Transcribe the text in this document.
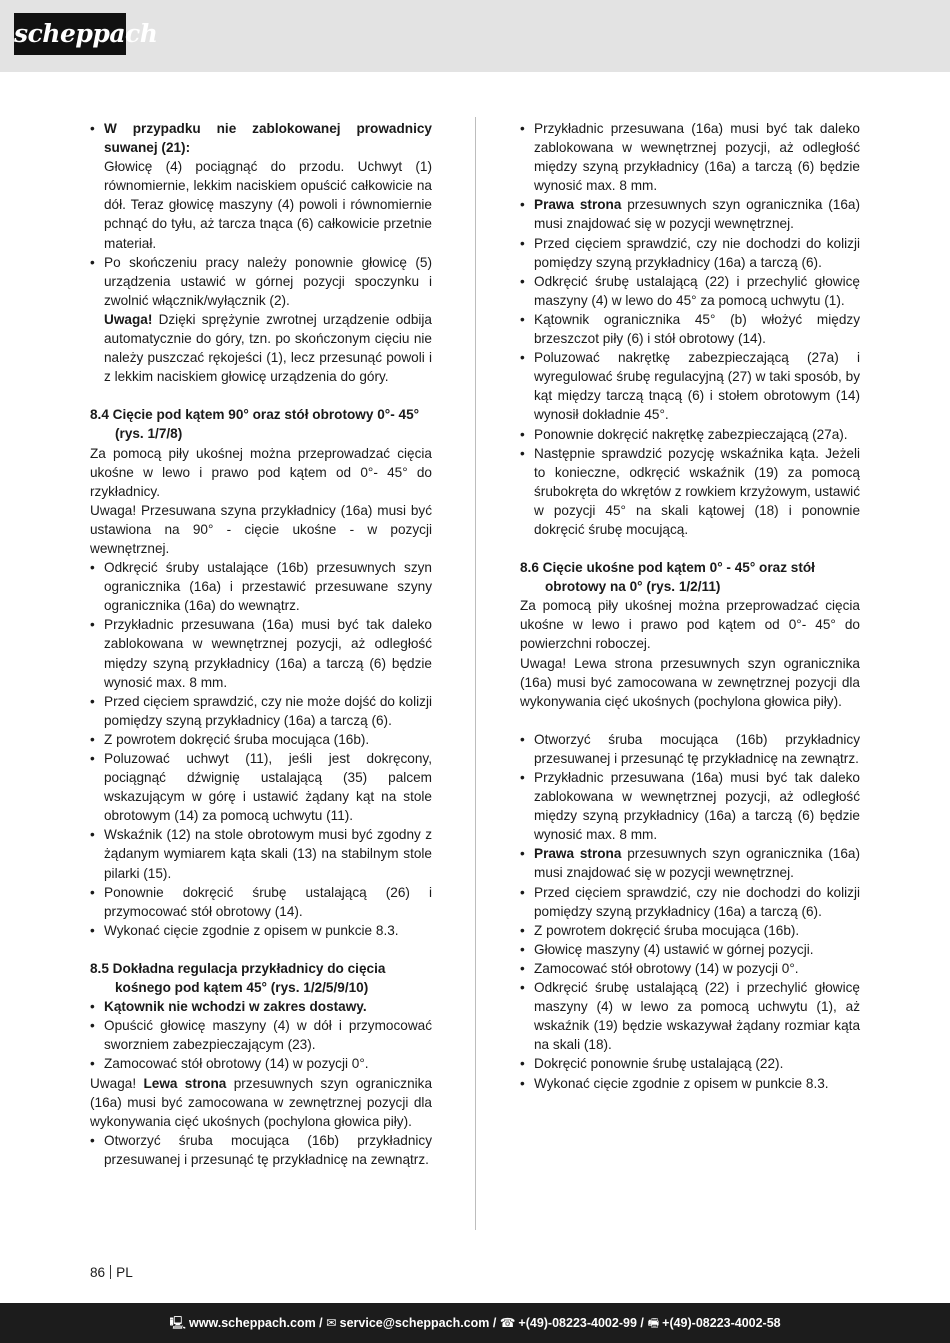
scheppach
• W przypadku nie zablokowanej prowadnicy suwanej (21):

Głowicę (4) pociągnąć do przodu. Uchwyt (1) równomiernie, lekkim naciskiem opuścić całkowicie na dół. Teraz głowicę maszyny (4) powoli i równomiernie pchnąć do tyłu, aż tarcza tnąca (6) całkowicie przetnie materiał.

• Po skończeniu pracy należy ponownie głowicę (5) urządzenia ustawić w górnej pozycji spoczynku i zwolnić włącznik/wyłącznik (2).

Uwaga! Dzięki sprężynie zwrotnej urządzenie odbija automatycznie do góry, tzn. po skończonym cięciu nie należy puszczać rękojeści (1), lecz przesunąć powoli i z lekkim naciskiem głowicę urządzenia do góry.

8.4 Cięcie pod kątem 90° oraz stół obrotowy 0°- 45° (rys. 1/7/8)

Za pomocą piły ukośnej można przeprowadzać cięcia ukośne w lewo i prawo pod kątem od 0°- 45° do rzykładnicy.

Uwaga! Przesuwana szyna przykładnicy (16a) musi być ustawiona na 90° - cięcie ukośne - w pozycji wewnętrznej.

• Odkręcić śruby ustalające (16b) przesuwnych szyn ogranicznika (16a) i przestawić przesuwane szyny ogranicznika (16a) do wewnątrz.
• Przykładnic przesuwana (16a) musi być tak daleko zablokowana w wewnętrznej pozycji, aż odległość między szyną przykładnicy (16a) a tarczą (6) będzie wynosić max. 8 mm.
• Przed cięciem sprawdzić, czy nie może dojść do kolizji pomiędzy szyną przykładnicy (16a) a tarczą (6).
• Z powrotem dokręcić śruba mocująca (16b).
• Poluzować uchwyt (11), jeśli jest dokręcony, pociągnąć dźwignię ustalającą (35) palcem wskazującym w górę i ustawić żądany kąt na stole obrotowym (14) za pomocą uchwytu (11).
• Wskaźnik (12) na stole obrotowym musi być zgodny z żądanym wymiarem kąta skali (13) na stabilnym stole pilarki (15).
• Ponownie dokręcić śrubę ustalającą (26) i przymocować stół obrotowy (14).
• Wykonać cięcie zgodnie z opisem w punkcie 8.3.

8.5 Dokładna regulacja przykładnicy do cięcia kośnego pod kątem 45° (rys. 1/2/5/9/10)

• Kątownik nie wchodzi w zakres dostawy.
• Opuścić głowicę maszyny (4) w dół i przymocować sworzniem zabezpieczającym (23).
• Zamocować stół obrotowy (14) w pozycji 0°.

Uwaga! Lewa strona przesuwnych szyn ogranicznika (16a) musi być zamocowana w zewnętrznej pozycji dla wykonywania cięć ukośnych (pochylona głowica piły).

• Otworzyć śruba mocująca (16b) przykładnicy przesuwanej i przesunąć tę przykładnicę na zewnątrz.
• Przykładnic przesuwana (16a) musi być tak daleko zablokowana w wewnętrznej pozycji, aż odległość między szyną przykładnicy (16a) a tarczą (6) będzie wynosić max. 8 mm.
• Prawa strona przesuwnych szyn ogranicznika (16a) musi znajdować się w pozycji wewnętrznej.
• Przed cięciem sprawdzić, czy nie dochodzi do kolizji pomiędzy szyną przykładnicy (16a) a tarczą (6).
• Odkręcić śrubę ustalającą (22) i przechylić głowicę maszyny (4) w lewo do 45° za pomocą uchwytu (1).
• Kątownik ogranicznika 45° (b) włożyć między brzeszczot piły (6) i stół obrotowy (14).
• Poluzować nakrętkę zabezpieczającą (27a) i wyregulować śrubę regulacyjną (27) w taki sposób, by kąt między tarczą tnącą (6) i stołem obrotowym (14) wynosił dokładnie 45°.
• Ponownie dokręcić nakrętkę zabezpieczającą (27a).
• Następnie sprawdzić pozycję wskaźnika kąta. Jeżeli to konieczne, odkręcić wskaźnik (19) za pomocą śrubokręta do wkrętów z rowkiem krzyżowym, ustawić w pozycji 45° na skali kątowej (18) i ponownie dokręcić śrubę mocującą.

8.6 Cięcie ukośne pod kątem 0° - 45° oraz stół obrotowy na 0° (rys. 1/2/11)

Za pomocą piły ukośnej można przeprowadzać cięcia ukośne w lewo i prawo pod kątem od 0°- 45° do powierzchni roboczej.

Uwaga! Lewa strona przesuwnych szyn ogranicznika (16a) musi być zamocowana w zewnętrznej pozycji dla wykonywania cięć ukośnych (pochylona głowica piły).

• Otworzyć śruba mocująca (16b) przykładnicy przesuwanej i przesunąć tę przykładnicę na zewnątrz.
• Przykładnic przesuwana (16a) musi być tak daleko zablokowana w wewnętrznej pozycji, aż odległość między szyną przykładnicy (16a) a tarczą (6) będzie wynosić max. 8 mm.
• Prawa strona przesuwnych szyn ogranicznika (16a) musi znajdować się w pozycji wewnętrznej.
• Przed cięciem sprawdzić, czy nie dochodzi do kolizji pomiędzy szyną przykładnicy (16a) a tarczą (6).
• Z powrotem dokręcić śruba mocująca (16b).
• Głowicę maszyny (4) ustawić w górnej pozycji.
• Zamocować stół obrotowy (14) w pozycji 0°.
• Odkręcić śrubę ustalającą (22) i przechylić głowicę maszyny (4) w lewo za pomocą uchwytu (1), aż wskaźnik (19) będzie wskazywał żądany rozmiar kąta na skali (18).
• Dokręcić ponownie śrubę ustalającą (22).
• Wykonać cięcie zgodnie z opisem w punkcie 8.3.
86 PL
🖳 www.scheppach.com / ✉ service@scheppach.com / ☎ +(49)-08223-4002-99 / 🖷 +(49)-08223-4002-58
